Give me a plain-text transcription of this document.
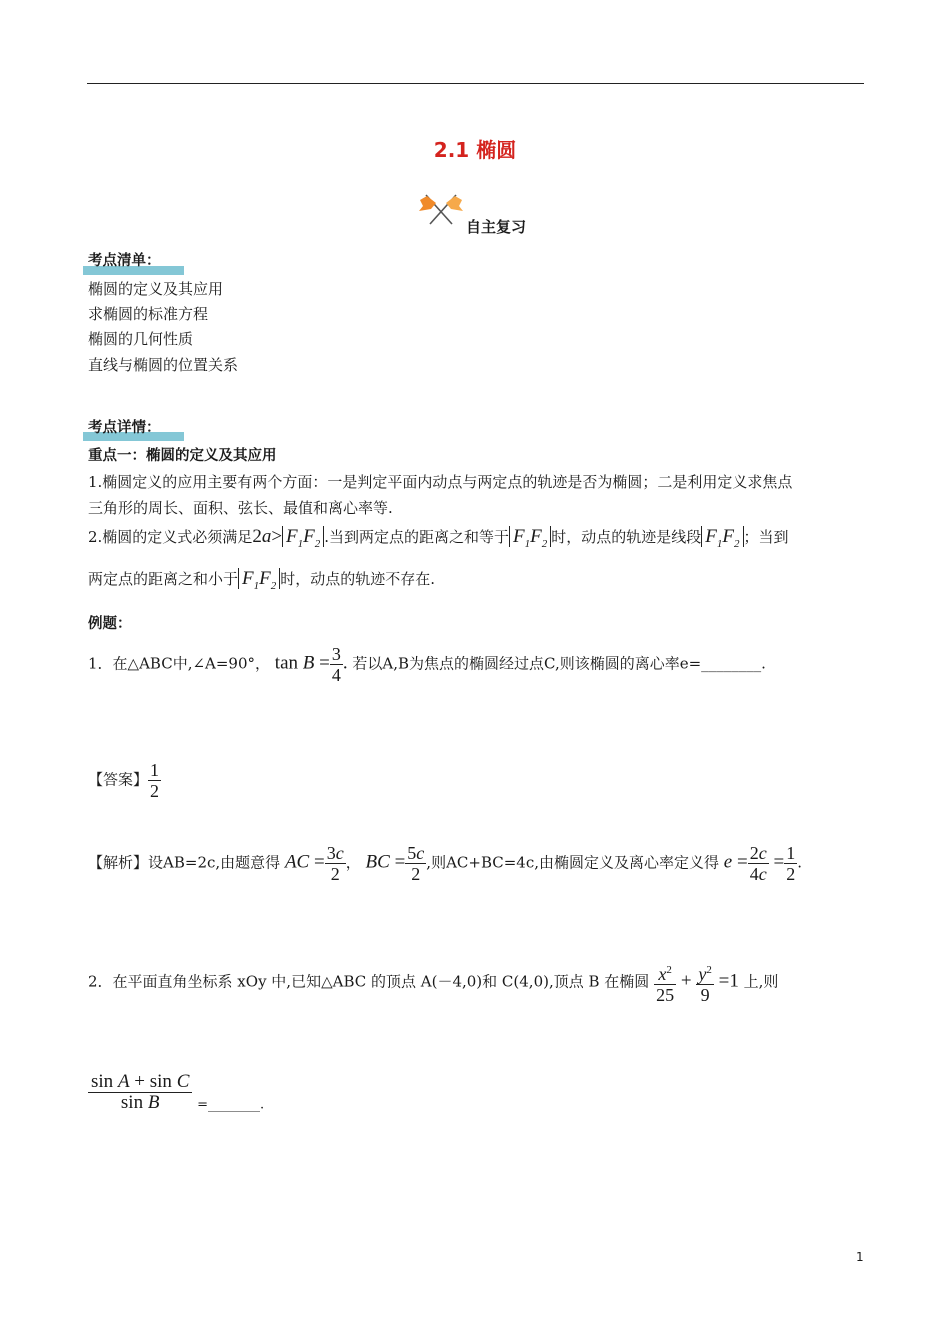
2.1 椭圆
自主复习
考点清单：
椭圆的定义及其应用
求椭圆的标准方程
椭圆的几何性质
直线与椭圆的位置关系
考点详情：
重点一：椭圆的定义及其应用
1.椭圆定义的应用主要有两个方面：一是判定平面内动点与两定点的轨迹是否为椭圆；二是利用定义求焦点
三角形的周长、面积、弦长、最值和离心率等.
2.椭圆的定义式必须满足$2a> F_1F_2$ .当到两定点的距离之和等于 $F_1F_2$ 时，动点的轨迹是线段 $F_1F_2$ ；当到
两定点的距离之和小于 $F_1F_2$ 时，动点的轨迹不存在.
例题：
1．在△ABC中,∠A=90°， $\tan B = \frac{3}{4}$ . 若以A,B为焦点的椭圆经过点C,则该椭圆的离心率e=________.
【答案】 $\frac{1}{2}$
【解析】设AB=2c,由题意得 AC = $\frac{3c}{2}$ ， BC = $\frac{5c}{2}$ ,则AC+BC=4c,由椭圆定义及离心率定义得 $e = \frac{2c}{4c} = \frac{1}{2}$ .
2．在平面直角坐标系 xOy 中,已知△ABC 的顶点 A(－4,0)和 C(4,0),顶点 B 在椭圆 $\frac{x^2}{25} + \frac{y^2}{9} =1$ 上,则
$\frac{\text{sin A + sin C}}{\text{sin B}}$ =________.
1
